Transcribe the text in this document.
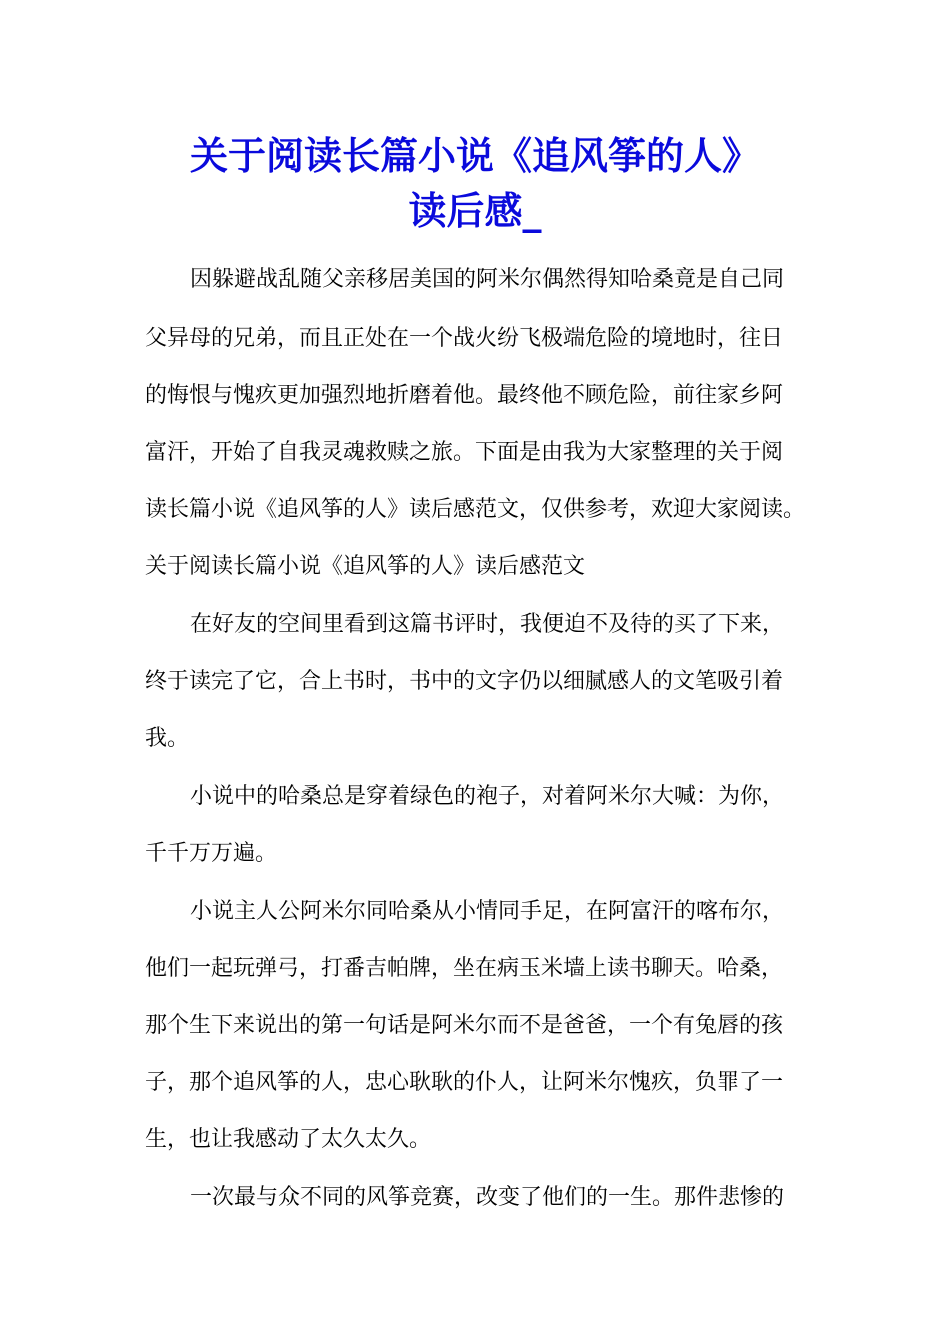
关于阅读长篇小说《追风筝的人》
读后感_

因躲避战乱随父亲移居美国的阿米尔偶然得知哈桑竟是自己同

父异母的兄弟，而且正处在一个战火纷飞极端危险的境地时，往日

的悔恨与愧疚更加强烈地折磨着他。最终他不顾危险，前往家乡阿

富汗，开始了自我灵魂救赎之旅。下面是由我为大家整理的关于阅

读长篇小说《追风筝的人》读后感范文，仅供参考，欢迎大家阅读。

关于阅读长篇小说《追风筝的人》读后感范文

在好友的空间里看到这篇书评时，我便迫不及待的买了下来，

终于读完了它，合上书时，书中的文字仍以细腻感人的文笔吸引着

我。

小说中的哈桑总是穿着绿色的袍子，对着阿米尔大喊：为你，

千千万万遍。

小说主人公阿米尔同哈桑从小情同手足，在阿富汗的喀布尔，

他们一起玩弹弓，打番吉帕牌，坐在病玉米墙上读书聊天。哈桑，

那个生下来说出的第一句话是阿米尔而不是爸爸，一个有兔唇的孩

子，那个追风筝的人，忠心耿耿的仆人，让阿米尔愧疚，负罪了一

生，也让我感动了太久太久。

一次最与众不同的风筝竞赛，改变了他们的一生。那件悲惨的
